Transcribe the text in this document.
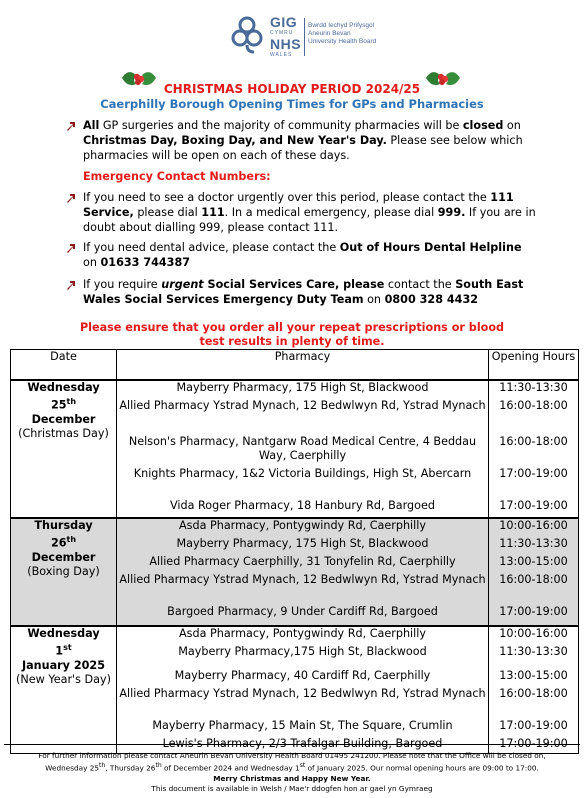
GIG
CYMRU
NHS
WALES
Bwrdd Iechyd Prifysgol
Aneurin Bevan
University Health Board
CHRISTMAS HOLIDAY PERIOD 2024/25
Caerphilly Borough Opening Times for GPs and Pharmacies
All GP surgeries and the majority of community pharmacies will be closed on Christmas Day, Boxing Day, and New Year's Day. Please see below which pharmacies will be open on each of these days.
Emergency Contact Numbers:
If you need to see a doctor urgently over this period, please contact the 111 Service, please dial 111. In a medical emergency, please dial 999. If you are in doubt about dialling 999, please contact 111.
If you need dental advice, please contact the Out of Hours Dental Helpline on 01633 744387
If you require urgent Social Services Care, please contact the South East Wales Social Services Emergency Duty Team on 0800 328 4432
Please ensure that you order all your repeat prescriptions or blood
test results in plenty of time.
Date	Pharmacy	Opening Hours

Wednesday
25th
December
(Christmas Day)	Mayberry Pharmacy, 175 High St, Blackwood	11:30-13:30
	Allied Pharmacy Ystrad Mynach, 12 Bedwlwyn Rd, Ystrad Mynach	16:00-18:00
	Nelson's Pharmacy, Nantgarw Road Medical Centre, 4 Beddau Way, Caerphilly	16:00-18:00
	Knights Pharmacy, 1&2 Victoria Buildings, High St, Abercarn	17:00-19:00
	Vida Roger Pharmacy, 18 Hanbury Rd, Bargoed	17:00-19:00

Thursday
26th
December
(Boxing Day)	Asda Pharmacy, Pontygwindy Rd, Caerphilly	10:00-16:00
	Mayberry Pharmacy, 175 High St, Blackwood	11:30-13:30
	Allied Pharmacy Caerphilly, 31 Tonyfelin Rd, Caerphilly	13:00-15:00
	Allied Pharmacy Ystrad Mynach, 12 Bedwlwyn Rd, Ystrad Mynach	16:00-18:00
	Bargoed Pharmacy, 9 Under Cardiff Rd, Bargoed	17:00-19:00

Wednesday
1st
January 2025
(New Year's Day)	Asda Pharmacy, Pontygwindy Rd, Caerphilly	10:00-16:00
	Mayberry Pharmacy,175 High St, Blackwood	11:30-13:30
	Mayberry Pharmacy, 40 Cardiff Rd, Caerphilly	13:00-15:00
	Allied Pharmacy Ystrad Mynach, 12 Bedwlwyn Rd, Ystrad Mynach	16:00-18:00
	Mayberry Pharmacy, 15 Main St, The Square, Crumlin	17:00-19:00
	Lewis's Pharmacy, 2/3 Trafalgar Building, Bargoed	17:00-19:00
For further information please contact Aneurin Bevan University Health Board 01495 241200. Please note that the Office will be closed on,
Wednesday 25th, Thursday 26th of December 2024 and Wednesday 1st of January 2025. Our normal opening hours are 09:00 to 17:00.
Merry Christmas and Happy New Year.
This document is available in Welsh / Mae'r ddogfen hon ar gael yn Gymraeg
